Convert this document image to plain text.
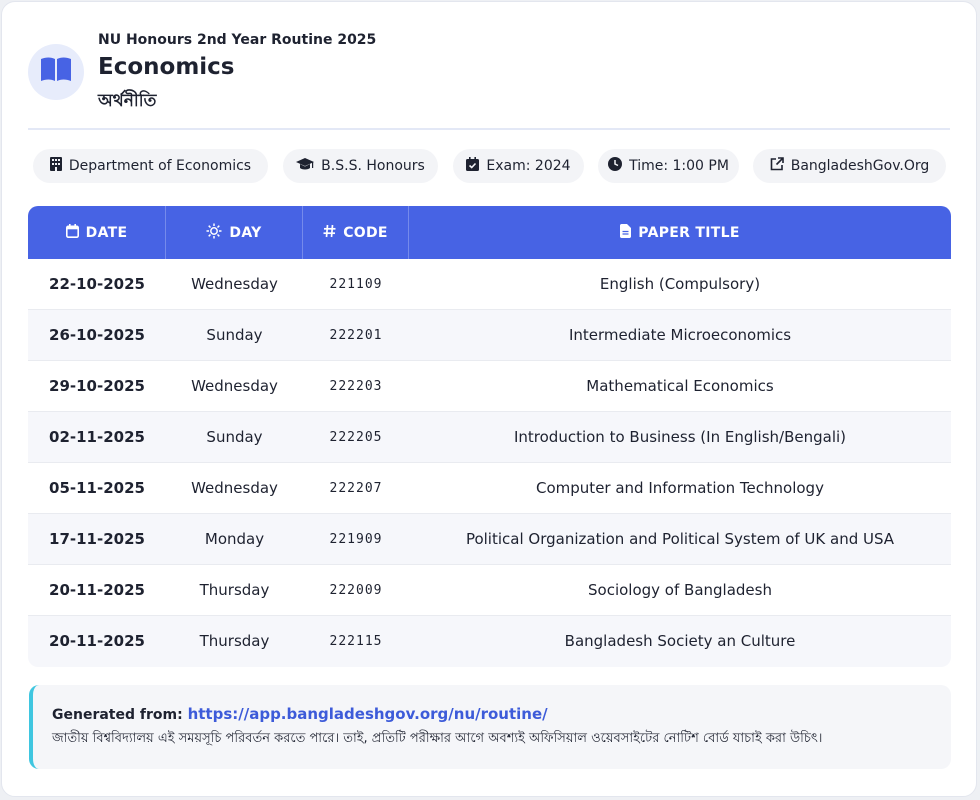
NU Honours 2nd Year Routine 2025
Economics
অর্থনীতি
Department of Economics	B.S.S. Honours	Exam: 2024	Time: 1:00 PM	BangladeshGov.Org
DATE	DAY	CODE	PAPER TITLE
22-10-2025	Wednesday	221109	English (Compulsory)
26-10-2025	Sunday	222201	Intermediate Microeconomics
29-10-2025	Wednesday	222203	Mathematical Economics
02-11-2025	Sunday	222205	Introduction to Business (In English/Bengali)
05-11-2025	Wednesday	222207	Computer and Information Technology
17-11-2025	Monday	221909	Political Organization and Political System of UK and USA
20-11-2025	Thursday	222009	Sociology of Bangladesh
20-11-2025	Thursday	222115	Bangladesh Society an Culture
Generated from: https://app.bangladeshgov.org/nu/routine/
জাতীয় বিশ্ববিদ্যালয় এই সময়সূচি পরিবর্তন করতে পারে। তাই, প্রতিটি পরীক্ষার আগে অবশ্যই অফিসিয়াল ওয়েবসাইটের নোটিশ বোর্ড যাচাই করা উচিৎ।
